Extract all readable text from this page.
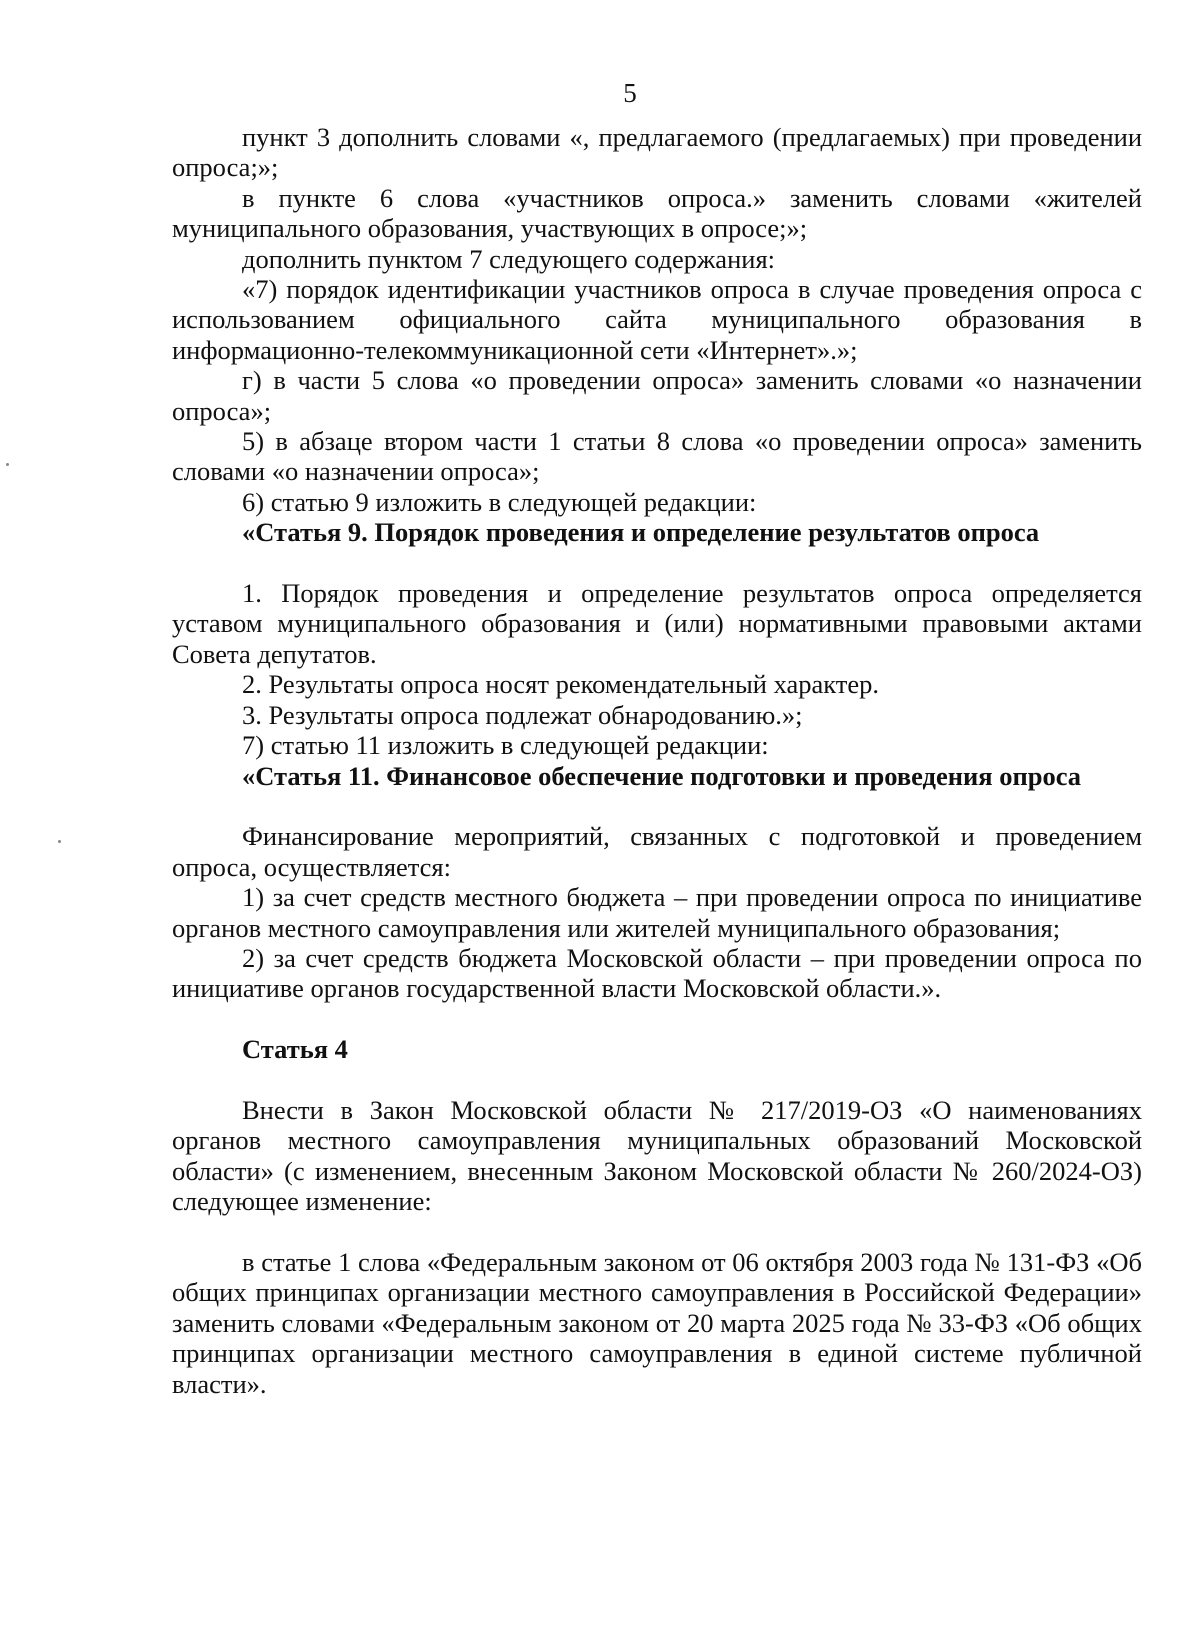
5

пункт 3 дополнить словами «, предлагаемого (предлагаемых) при проведении опроса;»;

в пункте 6 слова «участников опроса.» заменить словами «жителей муниципального образования, участвующих в опросе;»;

дополнить пунктом 7 следующего содержания:

«7) порядок идентификации участников опроса в случае проведения опроса с использованием официального сайта муниципального образования в информационно-телекоммуникационной сети «Интернет».»;

г) в части 5 слова «о проведении опроса» заменить словами «о назначении опроса»;

5) в абзаце втором части 1 статьи 8 слова «о проведении опроса» заменить словами «о назначении опроса»;

6) статью 9 изложить в следующей редакции:

«Статья 9. Порядок проведения и определение результатов опроса

1. Порядок проведения и определение результатов опроса определяется уставом муниципального образования и (или) нормативными правовыми актами Совета депутатов.

2. Результаты опроса носят рекомендательный характер.

3. Результаты опроса подлежат обнародованию.»;

7) статью 11 изложить в следующей редакции:

«Статья 11. Финансовое обеспечение подготовки и проведения опроса

Финансирование мероприятий, связанных с подготовкой и проведением опроса, осуществляется:

1) за счет средств местного бюджета – при проведении опроса по инициативе органов местного самоуправления или жителей муниципального образования;

2) за счет средств бюджета Московской области – при проведении опроса по инициативе органов государственной власти Московской области.».

Статья 4

Внести в Закон Московской области № 217/2019-ОЗ «О наименованиях органов местного самоуправления муниципальных образований Московской области» (с изменением, внесенным Законом Московской области № 260/2024-ОЗ) следующее изменение:

в статье 1 слова «Федеральным законом от 06 октября 2003 года № 131-ФЗ «Об общих принципах организации местного самоуправления в Российской Федерации» заменить словами «Федеральным законом от 20 марта 2025 года № 33-ФЗ «Об общих принципах организации местного самоуправления в единой системе публичной власти».
